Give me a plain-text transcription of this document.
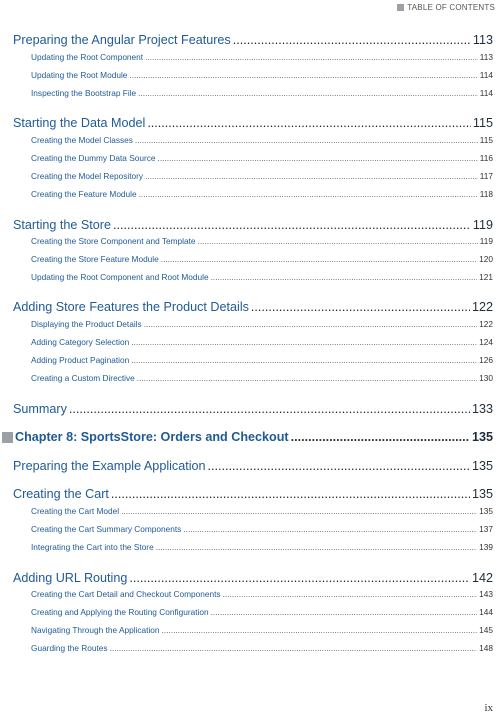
TABLE OF CONTENTS
Preparing the Angular Project Features .....	113
Updating the Root Component .....	113
Updating the Root Module .....	114
Inspecting the Bootstrap File .....	114
Starting the Data Model .....	115
Creating the Model Classes .....	115
Creating the Dummy Data Source .....	116
Creating the Model Repository .....	117
Creating the Feature Module .....	118
Starting the Store .....	119
Creating the Store Component and Template .....	119
Creating the Store Feature Module .....	120
Updating the Root Component and Root Module .....	121
Adding Store Features the Product Details .....	122
Displaying the Product Details .....	122
Adding Category Selection .....	124
Adding Product Pagination .....	126
Creating a Custom Directive .....	130
Summary .....	133
Chapter 8: SportsStore: Orders and Checkout .....	135
Preparing the Example Application .....	135
Creating the Cart .....	135
Creating the Cart Model .....	135
Creating the Cart Summary Components .....	137
Integrating the Cart into the Store .....	139
Adding URL Routing .....	142
Creating the Cart Detail and Checkout Components .....	143
Creating and Applying the Routing Configuration .....	144
Navigating Through the Application .....	145
Guarding the Routes .....	148
ix
